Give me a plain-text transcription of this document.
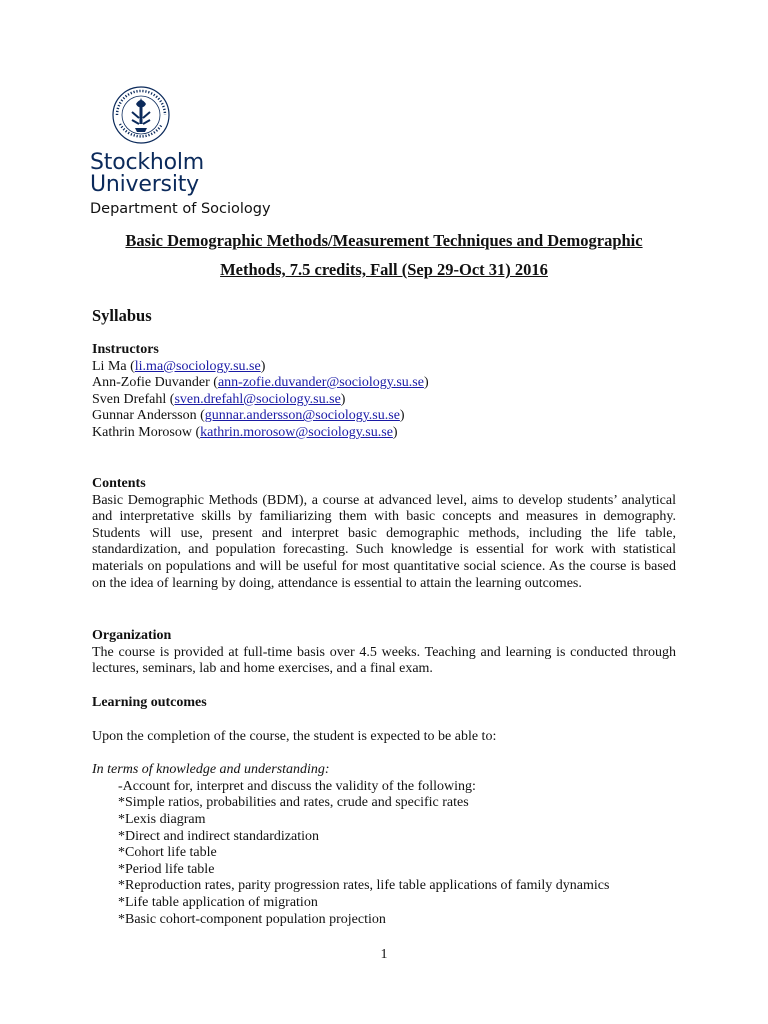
Stockholm
University
Department of Sociology
Basic Demographic Methods/Measurement Techniques and Demographic
Methods, 7.5 credits, Fall (Sep 29-Oct 31) 2016
Syllabus
Instructors
Li Ma (li.ma@sociology.su.se)
Ann-Zofie Duvander (ann-zofie.duvander@sociology.su.se)
Sven Drefahl (sven.drefahl@sociology.su.se)
Gunnar Andersson (gunnar.andersson@sociology.su.se)
Kathrin Morosow (kathrin.morosow@sociology.su.se)
Contents
Basic Demographic Methods (BDM), a course at advanced level, aims to develop students’ analytical and interpretative skills by familiarizing them with basic concepts and measures in demography. Students will use, present and interpret basic demographic methods, including the life table, standardization, and population forecasting. Such knowledge is essential for work with statistical materials on populations and will be useful for most quantitative social science. As the course is based on the idea of learning by doing, attendance is essential to attain the learning outcomes.
Organization
The course is provided at full-time basis over 4.5 weeks. Teaching and learning is conducted through lectures, seminars, lab and home exercises, and a final exam.
Learning outcomes
Upon the completion of the course, the student is expected to be able to:
In terms of knowledge and understanding:
-Account for, interpret and discuss the validity of the following:
*Simple ratios, probabilities and rates, crude and specific rates
*Lexis diagram
*Direct and indirect standardization
*Cohort life table
*Period life table
*Reproduction rates, parity progression rates, life table applications of family dynamics
*Life table application of migration
*Basic cohort-component population projection
1
